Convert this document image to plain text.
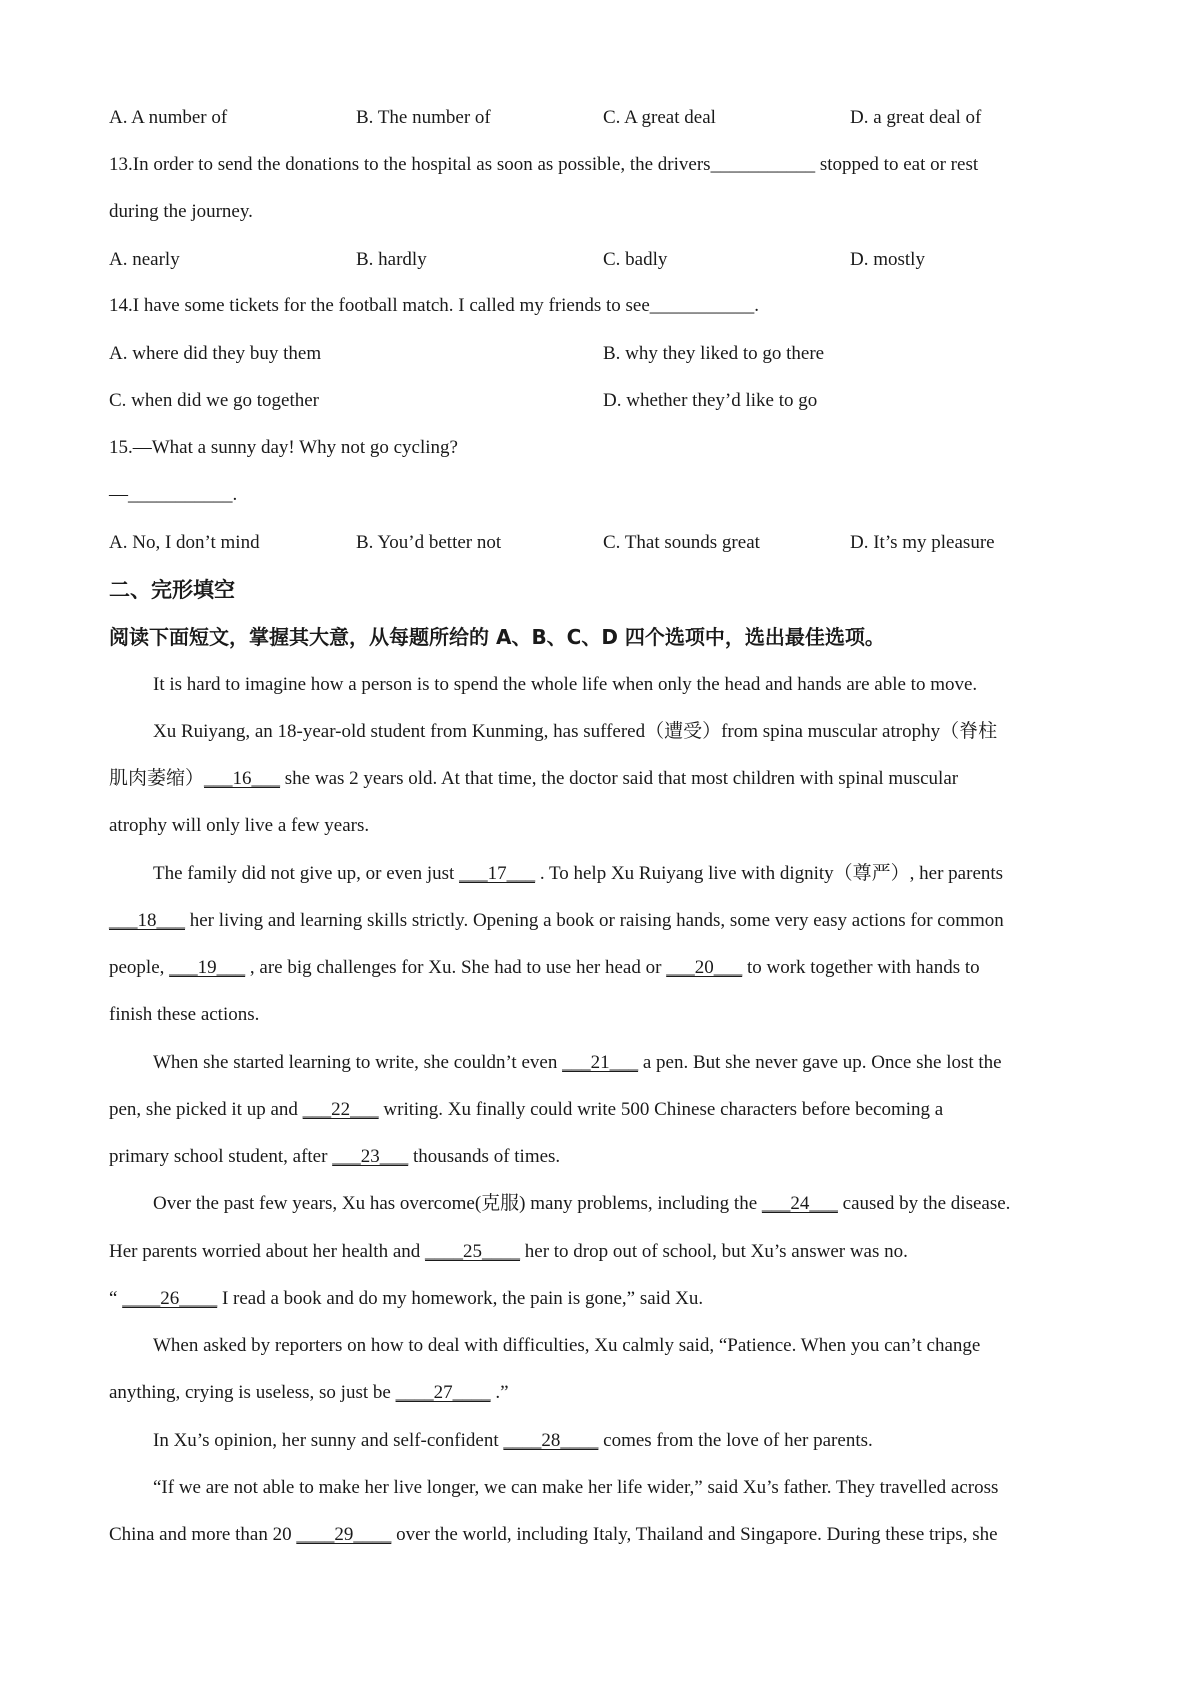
A. A number of	B. The number of	C. A great deal	D. a great deal of
13.In order to send the donations to the hospital as soon as possible, the drivers___________ stopped to eat or rest
during the journey.
A. nearly	B. hardly	C. badly	D. mostly
14.I have some tickets for the football match. I called my friends to see___________.
A. where did they buy them	B. why they liked to go there
C. when did we go together	D. whether they’d like to go
15.—What a sunny day! Why not go cycling?
—___________.
A. No, I don’t mind	B. You’d better not	C. That sounds great	D. It’s my pleasure
二、完形填空
阅读下面短文，掌握其大意，从每题所给的 A、B、C、D 四个选项中，选出最佳选项。
It is hard to imagine how a person is to spend the whole life when only the head and hands are able to move.
Xu Ruiyang, an 18-year-old student from Kunming, has suffered（遭受）from spina muscular atrophy（脊柱
肌肉萎缩）___16___ she was 2 years old. At that time, the doctor said that most children with spinal muscular
atrophy will only live a few years.
The family did not give up, or even just ___17___ . To help Xu Ruiyang live with dignity（尊严）, her parents
___18___ her living and learning skills strictly. Opening a book or raising hands, some very easy actions for common
people, ___19___ , are big challenges for Xu. She had to use her head or ___20___ to work together with hands to
finish these actions.
When she started learning to write, she couldn’t even ___21___ a pen. But she never gave up. Once she lost the
pen, she picked it up and ___22___ writing. Xu finally could write 500 Chinese characters before becoming a
primary school student, after ___23___ thousands of times.
Over the past few years, Xu has overcome(克服) many problems, including the ___24___ caused by the disease.
Her parents worried about her health and ____25____ her to drop out of school, but Xu’s answer was no.
“ ____26____ I read a book and do my homework, the pain is gone,” said Xu.
When asked by reporters on how to deal with difficulties, Xu calmly said, “Patience. When you can’t change
anything, crying is useless, so just be ____27____ .”
In Xu’s opinion, her sunny and self-confident ____28____ comes from the love of her parents.
“If we are not able to make her live longer, we can make her life wider,” said Xu’s father. They travelled across
China and more than 20 ____29____ over the world, including Italy, Thailand and Singapore. During these trips, she
